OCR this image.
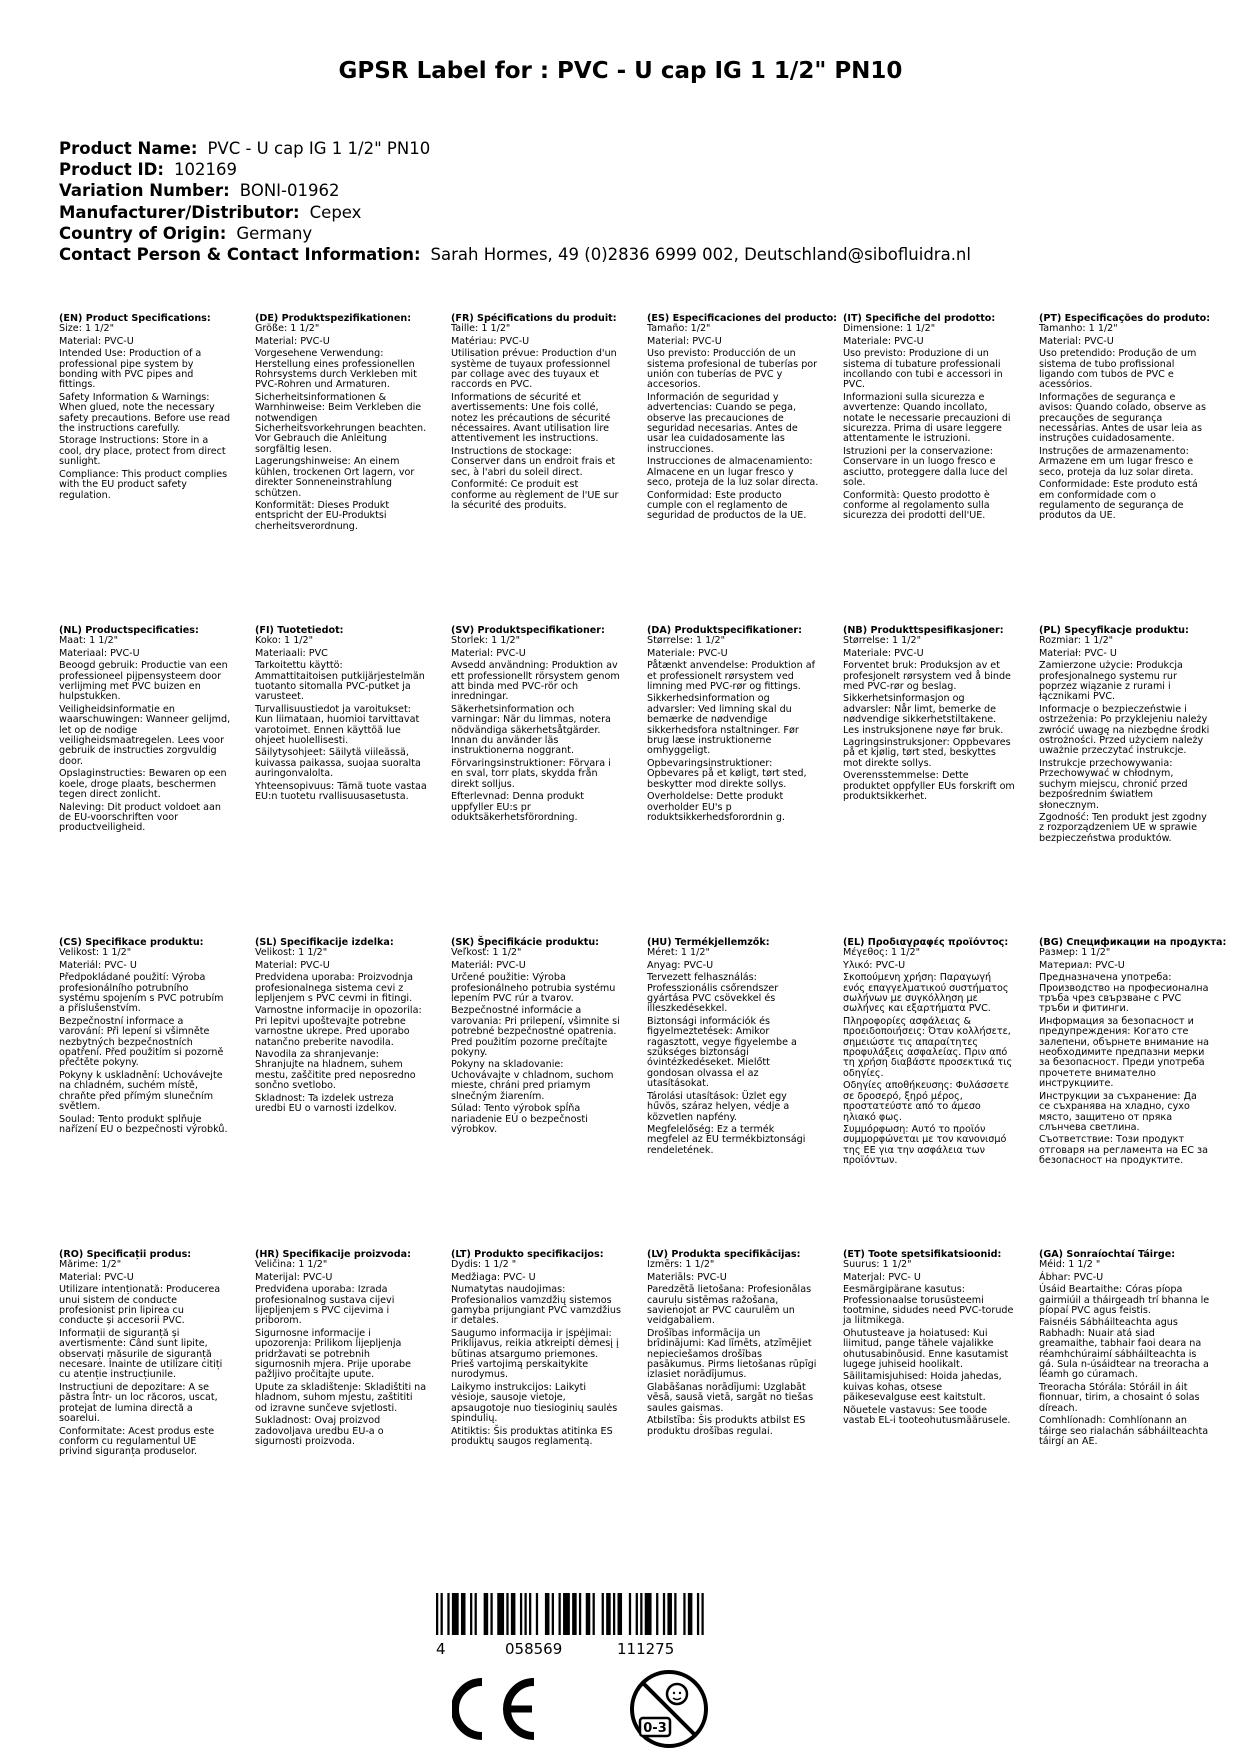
GPSR Label for : PVC - U cap IG 1 1/2" PN10
Product Name: PVC - U cap IG 1 1/2" PN10
Product ID: 102169
Variation Number: BONI-01962
Manufacturer/Distributor: Cepex
Country of Origin: Germany
Contact Person & Contact Information: Sarah Hormes, 49 (0)2836 6999 002, Deutschland@sibofluidra.nl
(EN) Product Specifications:
Size: 1 1/2"
Material: PVC-U
Intended Use: Production of a professional pipe system by bonding with PVC pipes and fittings.
Safety Information & Warnings: When glued, note the necessary safety precautions. Before use read the instructions carefully.
Storage Instructions: Store in a cool, dry place, protect from direct sunlight.
Compliance: This product complies with the EU product safety regulation.
(DE) Produktspezifikationen:
Größe: 1 1/2"
Material: PVC-U
Vorgesehene Verwendung: Herstellung eines professionellen Rohrsystems durch Verkleben mit PVC-Rohren und Armaturen.
Sicherheitsinformationen & Warnhinweise: Beim Verkleben die notwendigen Sicherheitsvorkehrungen beachten. Vor Gebrauch die Anleitung sorgfältig lesen.
Lagerungshinweise: An einem kühlen, trockenen Ort lagern, vor direkter Sonneneinstrahlung schützen.
Konformität: Dieses Produkt entspricht der EU-Produktsi cherheitsverordnung.
(FR) Spécifications du produit:
Taille: 1 1/2"
Matériau: PVC-U
Utilisation prévue: Production d'un système de tuyaux professionnel par collage avec des tuyaux et raccords en PVC.
Informations de sécurité et avertissements: Une fois collé, notez les précautions de sécurité nécessaires. Avant utilisation lire attentivement les instructions.
Instructions de stockage: Conserver dans un endroit frais et sec, à l'abri du soleil direct.
Conformité: Ce produit est conforme au règlement de l'UE sur la sécurité des produits.
(ES) Especificaciones del producto:
Tamaño: 1/2"
Material: PVC-U
Uso previsto: Producción de un sistema profesional de tuberías por unión con tuberías de PVC y accesorios.
Información de seguridad y advertencias: Cuando se pega, observe las precauciones de seguridad necesarias. Antes de usar lea cuidadosamente las instrucciones.
Instrucciones de almacenamiento: Almacene en un lugar fresco y seco, proteja de la luz solar directa.
Conformidad: Este producto cumple con el reglamento de seguridad de productos de la UE.
(IT) Specifiche del prodotto:
Dimensione: 1 1/2"
Materiale: PVC-U
Uso previsto: Produzione di un sistema di tubature professionali incollando con tubi e accessori in PVC.
Informazioni sulla sicurezza e avvertenze: Quando incollato, notate le necessarie precauzioni di sicurezza. Prima di usare leggere attentamente le istruzioni.
Istruzioni per la conservazione: Conservare in un luogo fresco e asciutto, proteggere dalla luce del sole.
Conformità: Questo prodotto è conforme al regolamento sulla sicurezza dei prodotti dell'UE.
(PT) Especificações do produto:
Tamanho: 1 1/2"
Material: PVC-U
Uso pretendido: Produção de um sistema de tubo profissional ligando com tubos de PVC e acessórios.
Informações de segurança e avisos: Quando colado, observe as precauções de segurança necessárias. Antes de usar leia as instruções cuidadosamente.
Instruções de armazenamento: Armazene em um lugar fresco e seco, proteja da luz solar direta.
Conformidade: Este produto está em conformidade com o regulamento de segurança de produtos da UE.
(NL) Productspecificaties:
Maat: 1 1/2"
Materiaal: PVC-U
Beoogd gebruik: Productie van een professioneel pijpensysteem door verlijming met PVC buizen en hulpstukken.
Veiligheidsinformatie en waarschuwingen: Wanneer gelijmd, let op de nodige veiligheidsmaatregelen. Lees voor gebruik de instructies zorgvuldig door.
Opslaginstructies: Bewaren op een koele, droge plaats, beschermen tegen direct zonlicht.
Naleving: Dit product voldoet aan de EU-voorschriften voor productveiligheid.
(FI) Tuotetiedot:
Koko: 1 1/2"
Materiaali: PVC
Tarkoitettu käyttö: Ammattitaitoisen putkijärjestelmän tuotanto sitomalla PVC-putket ja varusteet.
Turvallisuustiedot ja varoitukset: Kun liimataan, huomioi tarvittavat varotoimet. Ennen käyttöä lue ohjeet huolellisesti.
Säilytysohjeet: Säilytä viileässä, kuivassa paikassa, suojaa suoralta auringonvalolta.
Yhteensopivuus: Tämä tuote vastaa EU:n tuotetu rvallisuusasetusta.
(SV) Produktspecifikationer:
Storlek: 1 1/2"
Material: PVC-U
Avsedd användning: Produktion av ett professionellt rörsystem genom att binda med PVC-rör och inredningar.
Säkerhetsinformation och varningar: När du limmas, notera nödvändiga säkerhetsåtgärder. Innan du använder läs instruktionerna noggrant.
Förvaringsinstruktioner: Förvara i en sval, torr plats, skydda från direkt solljus.
Efterlevnad: Denna produkt uppfyller EU:s pr oduktsäkerhetsförordning.
(DA) Produktspecifikationer:
Størrelse: 1 1/2"
Materiale: PVC-U
Påtænkt anvendelse: Produktion af et professionelt rørsystem ved limning med PVC-rør og fittings.
Sikkerhedsinformation og advarsler: Ved limning skal du bemærke de nødvendige sikkerhedsfora nstaltninger. Før brug læse instruktionerne omhyggeligt.
Opbevaringsinstruktioner: Opbevares på et køligt, tørt sted, beskytter mod direkte sollys.
Overholdelse: Dette produkt overholder EU's p roduktsikkerhedsforordnin g.
(NB) Produkttspesifikasjoner:
Størrelse: 1 1/2"
Materiale: PVC-U
Forventet bruk: Produksjon av et profesjonelt rørsystem ved å binde med PVC-rør og beslag.
Sikkerhetsinformasjon og advarsler: Når limt, bemerke de nødvendige sikkerhetstiltakene. Les instruksjonene nøye før bruk.
Lagringsinstruksjoner: Oppbevares på et kjølig, tørt sted, beskyttes mot direkte sollys.
Overensstemmelse: Dette produktet oppfyller EUs forskrift om produktsikkerhet.
(PL) Specyfikacje produktu:
Rozmiar: 1 1/2"
Materiał: PVC- U
Zamierzone użycie: Produkcja profesjonalnego systemu rur poprzez wiązanie z rurami i łącznikami PVC.
Informacje o bezpieczeństwie i ostrzeżenia: Po przyklejeniu należy zwrócić uwagę na niezbędne środki ostrożności. Przed użyciem należy uważnie przeczytać instrukcje.
Instrukcje przechowywania: Przechowywać w chłodnym, suchym miejscu, chronić przed bezpośrednim światłem słonecznym.
Zgodność: Ten produkt jest zgodny z rozporządzeniem UE w sprawie bezpieczeństwa produktów.
(CS) Specifikace produktu:
Velikost: 1 1/2"
Materiál: PVC- U
Předpokládané použití: Výroba profesionálního potrubního systému spojením s PVC potrubím a příslušenstvím.
Bezpečnostní informace a varování: Při lepení si všimněte nezbytných bezpečnostních opatření. Před použitím si pozorně přečtěte pokyny.
Pokyny k uskladnění: Uchovávejte na chladném, suchém místě, chraňte před přímým slunečním světlem.
Soulad: Tento produkt splňuje nařízení EU o bezpečnosti výrobků.
(SL) Specifikacije izdelka:
Velikost: 1 1/2"
Material: PVC-U
Predvidena uporaba: Proizvodnja profesionalnega sistema cevi z lepljenjem s PVC cevmi in fitingi.
Varnostne informacije in opozorila: Pri lepitvi upoštevajte potrebne varnostne ukrepe. Pred uporabo natančno preberite navodila.
Navodila za shranjevanje: Shranjujte na hladnem, suhem mestu, zaščitite pred neposredno sončno svetlobo.
Skladnost: Ta izdelek ustreza uredbi EU o varnosti izdelkov.
(SK) Špecifikácie produktu:
Veľkosť: 1 1/2"
Materiál: PVC-U
Určené použitie: Výroba profesionálneho potrubia systému lepením PVC rúr a tvarov.
Bezpečnostné informácie a varovania: Pri prilepení, všimnite si potrebné bezpečnostné opatrenia. Pred použitím pozorne prečítajte pokyny.
Pokyny na skladovanie: Uchovávajte v chladnom, suchom mieste, chráni pred priamym slnečným žiarením.
Súlad: Tento výrobok spĺňa nariadenie EÚ o bezpečnosti výrobkov.
(HU) Termékjellemzők:
Méret: 1 1/2"
Anyag: PVC-U
Tervezett felhasználás: Professzionális csőrendszer gyártása PVC csövekkel és illeszkedésekkel.
Biztonsági információk és figyelmeztetések: Amikor ragasztott, vegye figyelembe a szükséges biztonsági óvintézkedéseket. Mielőtt gondosan olvassa el az utasításokat.
Tárolási utasítások: Üzlet egy hűvös, száraz helyen, védje a közvetlen napfény.
Megfelelőség: Ez a termék megfelel az EU termékbiztonsági rendeletének.
(EL) Προδιαγραφές προϊόντος:
Μέγεθος: 1 1/2"
Υλικό: PVC-U
Σκοπούμενη χρήση: Παραγωγή ενός επαγγελματικού συστήματος σωλήνων με συγκόλληση με σωλήνες και εξαρτήματα PVC.
Πληροφορίες ασφάλειας & προειδοποιήσεις: Όταν κολλήσετε, σημειώστε τις απαραίτητες προφυλάξεις ασφαλείας. Πριν από τη χρήση διαβάστε προσεκτικά τις οδηγίες.
Οδηγίες αποθήκευσης: Φυλάσσετε σε δροσερό, ξηρό μέρος, προστατεύστε από το άμεσο ηλιακό φως.
Συμμόρφωση: Αυτό το προϊόν συμμορφώνεται με τον κανονισμό της ΕΕ για την ασφάλεια των προϊόντων.
(BG) Спецификации на продукта:
Размер: 1 1/2"
Материал: PVC-U
Предназначена употреба: Производство на професионална тръба чрез свързване с PVC тръби и фитинги.
Информация за безопасност и предупреждения: Когато сте залепени, обърнете внимание на необходимите предпазни мерки за безопасност. Преди употреба прочетете внимателно инструкциите.
Инструкции за съхранение: Да се съхранява на хладно, сухо място, защитено от пряка слънчева светлина.
Съответствие: Този продукт отговаря на регламента на ЕС за безопасност на продуктите.
(RO) Specificații produs:
Mărime: 1/2"
Material: PVC-U
Utilizare intenționată: Producerea unui sistem de conducte profesionist prin lipirea cu conducte și accesorii PVC.
Informații de siguranță și avertismente: Când sunt lipite, observați măsurile de siguranță necesare. Înainte de utilizare citiți cu atenție instrucțiunile.
Instrucțiuni de depozitare: A se păstra într- un loc răcoros, uscat, protejat de lumina directă a soarelui.
Conformitate: Acest produs este conform cu regulamentul UE privind siguranța produselor.
(HR) Specifikacije proizvoda:
Veličina: 1 1/2"
Materijal: PVC-U
Predviđena uporaba: Izrada profesionalnog sustava cijevi lijepljenjem s PVC cijevima i priborom.
Sigurnosne informacije i upozorenja: Prilikom lijepljenja pridržavati se potrebnih sigurnosnih mjera. Prije uporabe pažljivo pročitajte upute.
Upute za skladištenje: Skladištiti na hladnom, suhom mjestu, zaštititi od izravne sunčeve svjetlosti.
Sukladnost: Ovaj proizvod zadovoljava uredbu EU-a o sigurnosti proizvoda.
(LT) Produkto specifikacijos:
Dydis: 1 1/2 "
Medžiaga: PVC- U
Numatytas naudojimas: Profesionalios vamzdžių sistemos gamyba prijungiant PVC vamzdžius ir detales.
Saugumo informacija ir įspėjimai: Priklijavus, reikia atkreipti dėmesį į būtinas atsargumo priemones. Prieš vartojimą perskaitykite nurodymus.
Laikymo instrukcijos: Laikyti vėsioje, sausoje vietoje, apsaugotoje nuo tiesioginių saulės spindulių.
Atitiktis: Šis produktas atitinka ES produktų saugos reglamentą.
(LV) Produkta specifikācijas:
Izmērs: 1 1/2"
Materiāls: PVC-U
Paredzētā lietošana: Profesionālas cauruļu sistēmas ražošana, savienojot ar PVC caurulēm un veidgabaliem.
Drošības informācija un brīdinājumi: Kad līmēts, atzīmējiet nepieciešamos drošības pasākumus. Pirms lietošanas rūpīgi izlasiet norādījumus.
Glabāšanas norādījumi: Uzglabāt vēsā, sausā vietā, sargāt no tiešas saules gaismas.
Atbilstība: Šis produkts atbilst ES produktu drošības regulai.
(ET) Toote spetsifikatsioonid:
Suurus: 1 1/2"
Materjal: PVC- U
Eesmärgipärane kasutus: Professionaalse torusüsteemi tootmine, sidudes need PVC-torude ja liitmikega.
Ohutusteave ja hoiatused: Kui liimitud, pange tähele vajalikke ohutusabinõusid. Enne kasutamist lugege juhiseid hoolikalt.
Säilitamisjuhised: Hoida jahedas, kuivas kohas, otsese päikesevalguse eest kaitstult.
Nõuetele vastavus: See toode vastab EL-i tooteohutusmäärusele.
(GA) Sonraíochtaí Táirge:
Méid: 1 1/2 "
Ábhar: PVC-U
Úsáid Beartaithe: Córas píopa gairmiúil a tháirgeadh trí bhanna le píopaí PVC agus feistis.
Faisnéis Sábháilteachta agus Rabhadh: Nuair atá siad greamaithe, tabhair faoi deara na réamhchúraimí sábháilteachta is gá. Sula n-úsáidtear na treoracha a léamh go cúramach.
Treoracha Stórála: Stóráil in áit fionnuar, tirim, a chosaint ó solas díreach.
Comhlíonadh: Comhlíonann an táirge seo rialachán sábháilteachta táirgí an AE.
4	058569	111275
0-3
